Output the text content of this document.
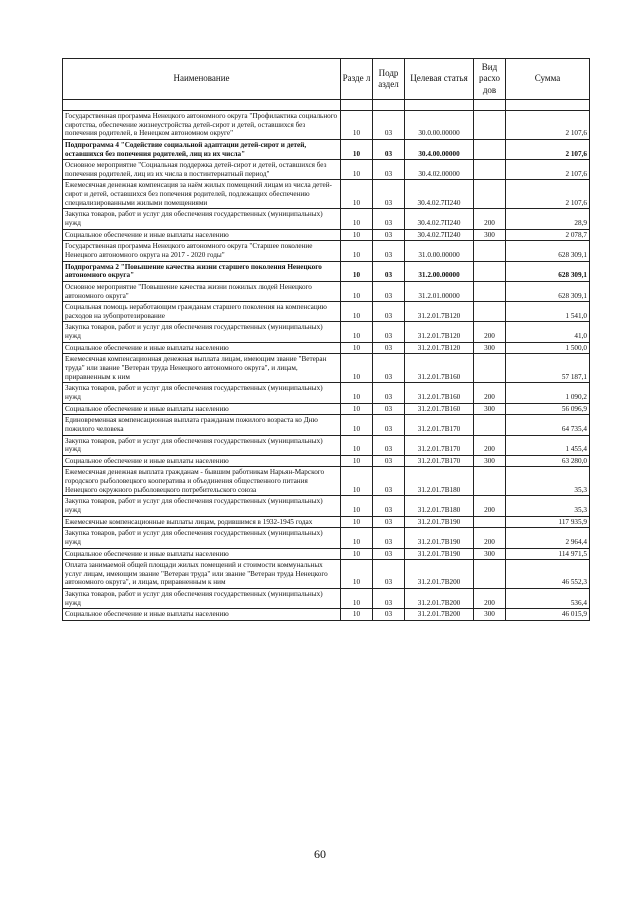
Наименование	Разде л	Подр аздел	Целевая статья	Вид расхо дов	Сумма

Государственная программа Ненецкого автономного округа "Профилактика социального сиротства, обеспечение жизнеустройства детей-сирот и детей, оставшихся без попечения родителей, в Ненецком автономном округе"	10	03	30.0.00.00000		2 107,6
Подпрограмма 4 "Содействие социальной адаптации детей-сирот и детей, оставшихся без попечения родителей, лиц из их числа"	10	03	30.4.00.00000		2 107,6
Основное мероприятие "Социальная поддержка детей-сирот и детей, оставшихся без попечения родителей, лиц из их числа в постинтернатный период"	10	03	30.4.02.00000		2 107,6
Ежемесячная денежная компенсация за наём жилых помещений лицам из числа детей-сирот и детей, оставшихся без попечения родителей, подлежащих обеспечению специализированными жилыми помещениями	10	03	30.4.02.7П240		2 107,6
Закупка товаров, работ и услуг для обеспечения государственных (муниципальных) нужд	10	03	30.4.02.7П240	200	28,9
Социальное обеспечение и иные выплаты населению	10	03	30.4.02.7П240	300	2 078,7
Государственная программа Ненецкого автономного округа "Старшее поколение Ненецкого автономного округа на 2017 - 2020 годы"	10	03	31.0.00.00000		628 309,1
Подпрограмма 2 "Повышение качества жизни старшего поколения Ненецкого автономного округа"	10	03	31.2.00.00000		628 309,1
Основное мероприятие "Повышение качества жизни пожилых людей Ненецкого автономного округа"	10	03	31.2.01.00000		628 309,1
Социальная помощь неработающим гражданам старшего поколения на компенсацию расходов на зубопротезирование	10	03	31.2.01.7В120		1 541,0
Закупка товаров, работ и услуг для обеспечения государственных (муниципальных) нужд	10	03	31.2.01.7В120	200	41,0
Социальное обеспечение и иные выплаты населению	10	03	31.2.01.7В120	300	1 500,0
Ежемесячная компенсационная денежная выплата лицам, имеющим звание "Ветеран труда" или звание "Ветеран труда Ненецкого автономного округа", и лицам, приравненным к ним	10	03	31.2.01.7В160		57 187,1
Закупка товаров, работ и услуг для обеспечения государственных (муниципальных) нужд	10	03	31.2.01.7В160	200	1 090,2
Социальное обеспечение и иные выплаты населению	10	03	31.2.01.7В160	300	56 096,9
Единовременная компенсационная выплата гражданам пожилого возраста ко Дню пожилого человека	10	03	31.2.01.7В170		64 735,4
Закупка товаров, работ и услуг для обеспечения государственных (муниципальных) нужд	10	03	31.2.01.7В170	200	1 455,4
Социальное обеспечение и иные выплаты населению	10	03	31.2.01.7В170	300	63 280,0
Ежемесячная денежная выплата гражданам - бывшим работникам Нарьян-Марского городского рыболовецкого кооператива и объединения общественного питания Ненецкого окружного рыболовецкого потребительского союза	10	03	31.2.01.7В180		35,3
Закупка товаров, работ и услуг для обеспечения государственных (муниципальных) нужд	10	03	31.2.01.7В180	200	35,3
Ежемесячные компенсационные выплаты лицам, родившимся в 1932-1945 годах	10	03	31.2.01.7В190		117 935,9
Закупка товаров, работ и услуг для обеспечения государственных (муниципальных) нужд	10	03	31.2.01.7В190	200	2 964,4
Социальное обеспечение и иные выплаты населению	10	03	31.2.01.7В190	300	114 971,5
Оплата занимаемой общей площади жилых помещений и стоимости коммунальных услуг лицам, имеющим звание "Ветеран труда" или звание "Ветеран труда Ненецкого автономного округа", и лицам, приравненным к ним	10	03	31.2.01.7В200		46 552,3
Закупка товаров, работ и услуг для обеспечения государственных (муниципальных) нужд	10	03	31.2.01.7В200	200	536,4
Социальное обеспечение и иные выплаты населению	10	03	31.2.01.7В200	300	46 015,9
60
